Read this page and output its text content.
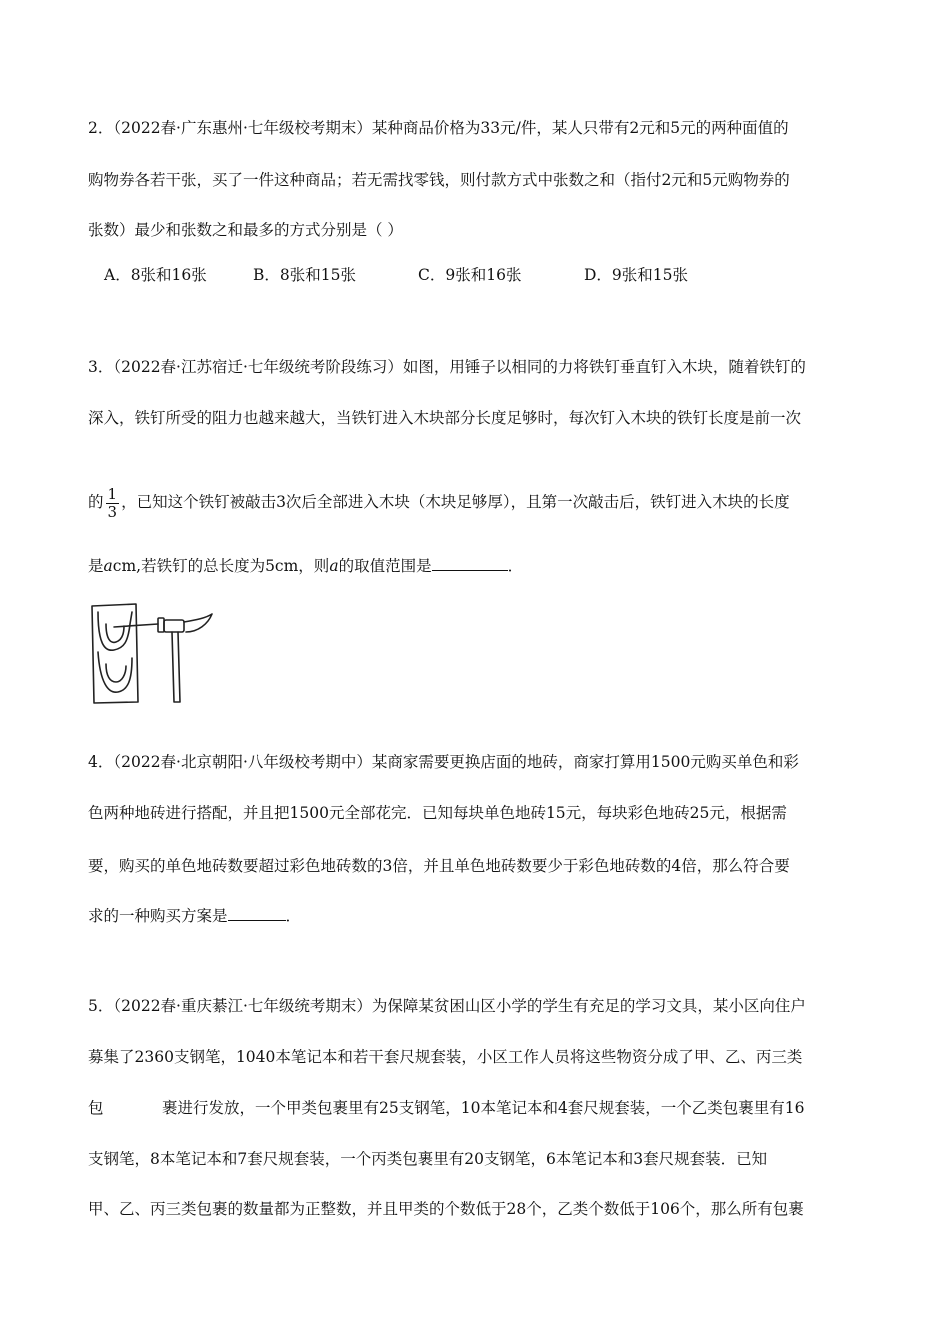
2．（2022春·广东惠州·七年级校考期末）某种商品价格为33元/件，某人只带有2元和5元的两种面值的
购物券各若干张，买了一件这种商品；若无需找零钱，则付款方式中张数之和（指付2元和5元购物券的
张数）最少和张数之和最多的方式分别是（ ）
A．8张和16张	B．8张和15张	C．9张和16张	D．9张和15张
3．（2022春·江苏宿迁·七年级统考阶段练习）如图，用锤子以相同的力将铁钉垂直钉入木块，随着铁钉的
深入，铁钉所受的阻力也越来越大，当铁钉进入木块部分长度足够时，每次钉入木块的铁钉长度是前一次
的 $\frac{1}{3}$ ，已知这个铁钉被敲击3次后全部进入木块（木块足够厚），且第一次敲击后，铁钉进入木块的长度
是acm,若铁钉的总长度为5cm，则a的取值范围是	．
4．（2022春·北京朝阳·八年级校考期中）某商家需要更换店面的地砖，商家打算用1500元购买单色和彩
色两种地砖进行搭配，并且把1500元全部花完．已知每块单色地砖15元，每块彩色地砖25元，根据需
要，购买的单色地砖数要超过彩色地砖数的3倍，并且单色地砖数要少于彩色地砖数的4倍，那么符合要
求的一种购买方案是	．
5．（2022春·重庆綦江·七年级统考期末）为保障某贫困山区小学的学生有充足的学习文具，某小区向住户
募集了2360支钢笔，1040本笔记本和若干套尺规套装，小区工作人员将这些物资分成了甲、乙、丙三类
包	裹进行发放，一个甲类包裹里有25支钢笔，10本笔记本和4套尺规套装，一个乙类包裹里有16
支钢笔，8本笔记本和7套尺规套装，一个丙类包裹里有20支钢笔，6本笔记本和3套尺规套装．已知
甲、乙、丙三类包裹的数量都为正整数，并且甲类的个数低于28个，乙类个数低于106个，那么所有包裹
